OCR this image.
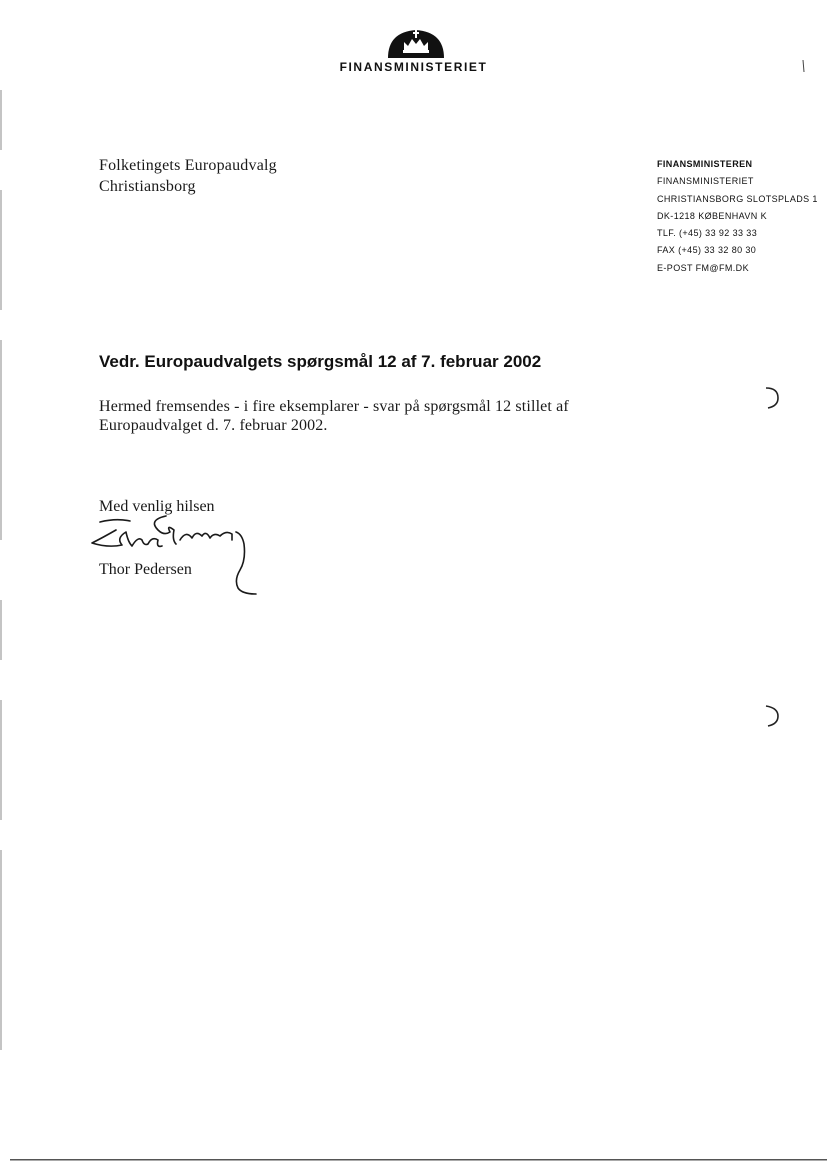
FINANSMINISTERIET
Folketingets Europaudvalg
Christiansborg
FINANSMINISTEREN
FINANSMINISTERIET
CHRISTIANSBORG SLOTSPLADS 1
DK-1218 KØBENHAVN K
TLF. (+45) 33 92 33 33
FAX (+45) 33 32 80 30
E-POST FM@FM.DK
Vedr. Europaudvalgets spørgsmål 12 af 7. februar 2002
Hermed fremsendes - i fire eksemplarer - svar på spørgsmål 12 stillet af
Europaudvalget d. 7. februar 2002.
Med venlig hilsen
Thor Pedersen
